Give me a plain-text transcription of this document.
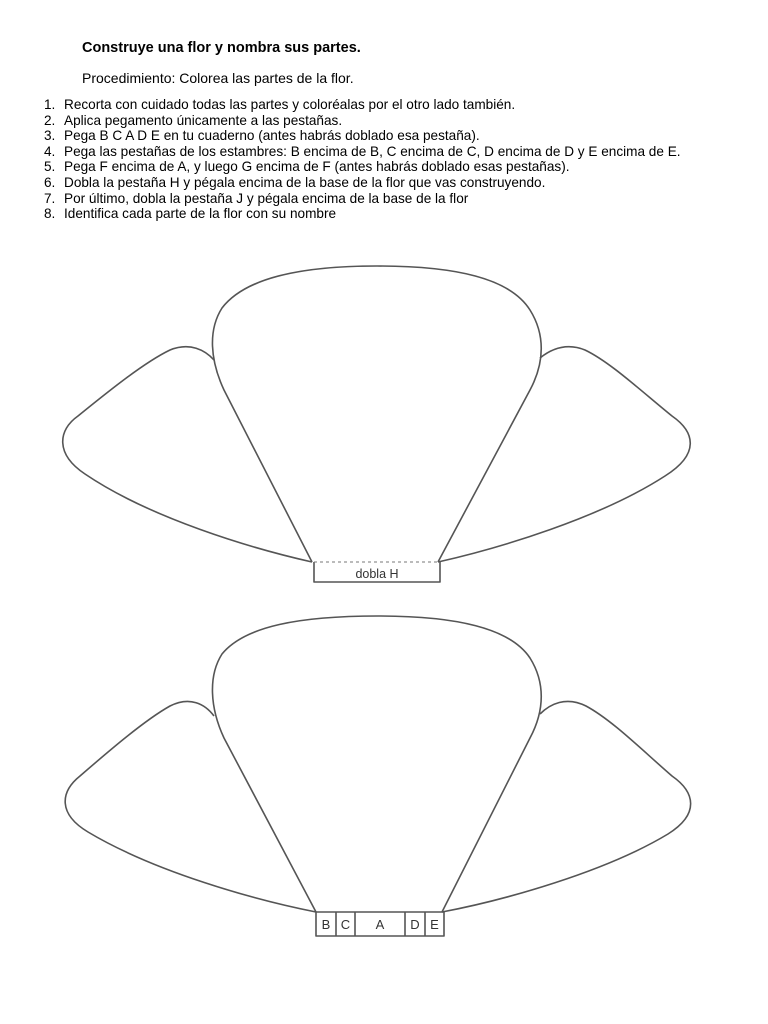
Construye una flor y nombra sus partes.
Procedimiento: Colorea las partes de la flor.
1. Recorta con cuidado todas las partes y coloréalas por el otro lado también.
2. Aplica pegamento únicamente a las pestañas.
3. Pega B C A D E en tu cuaderno (antes habrás doblado esa pestaña).
4. Pega las pestañas de los estambres: B encima de B, C encima de C, D encima de D y E encima de E.
5. Pega F encima de A, y luego G encima de F (antes habrás doblado esas pestañas).
6. Dobla la pestaña H y pégala encima de la base de la flor que vas construyendo.
7. Por último, dobla la pestaña J y pégala encima de la base de la flor
8. Identifica cada parte de la flor con su nombre
dobla H
B C A D E
